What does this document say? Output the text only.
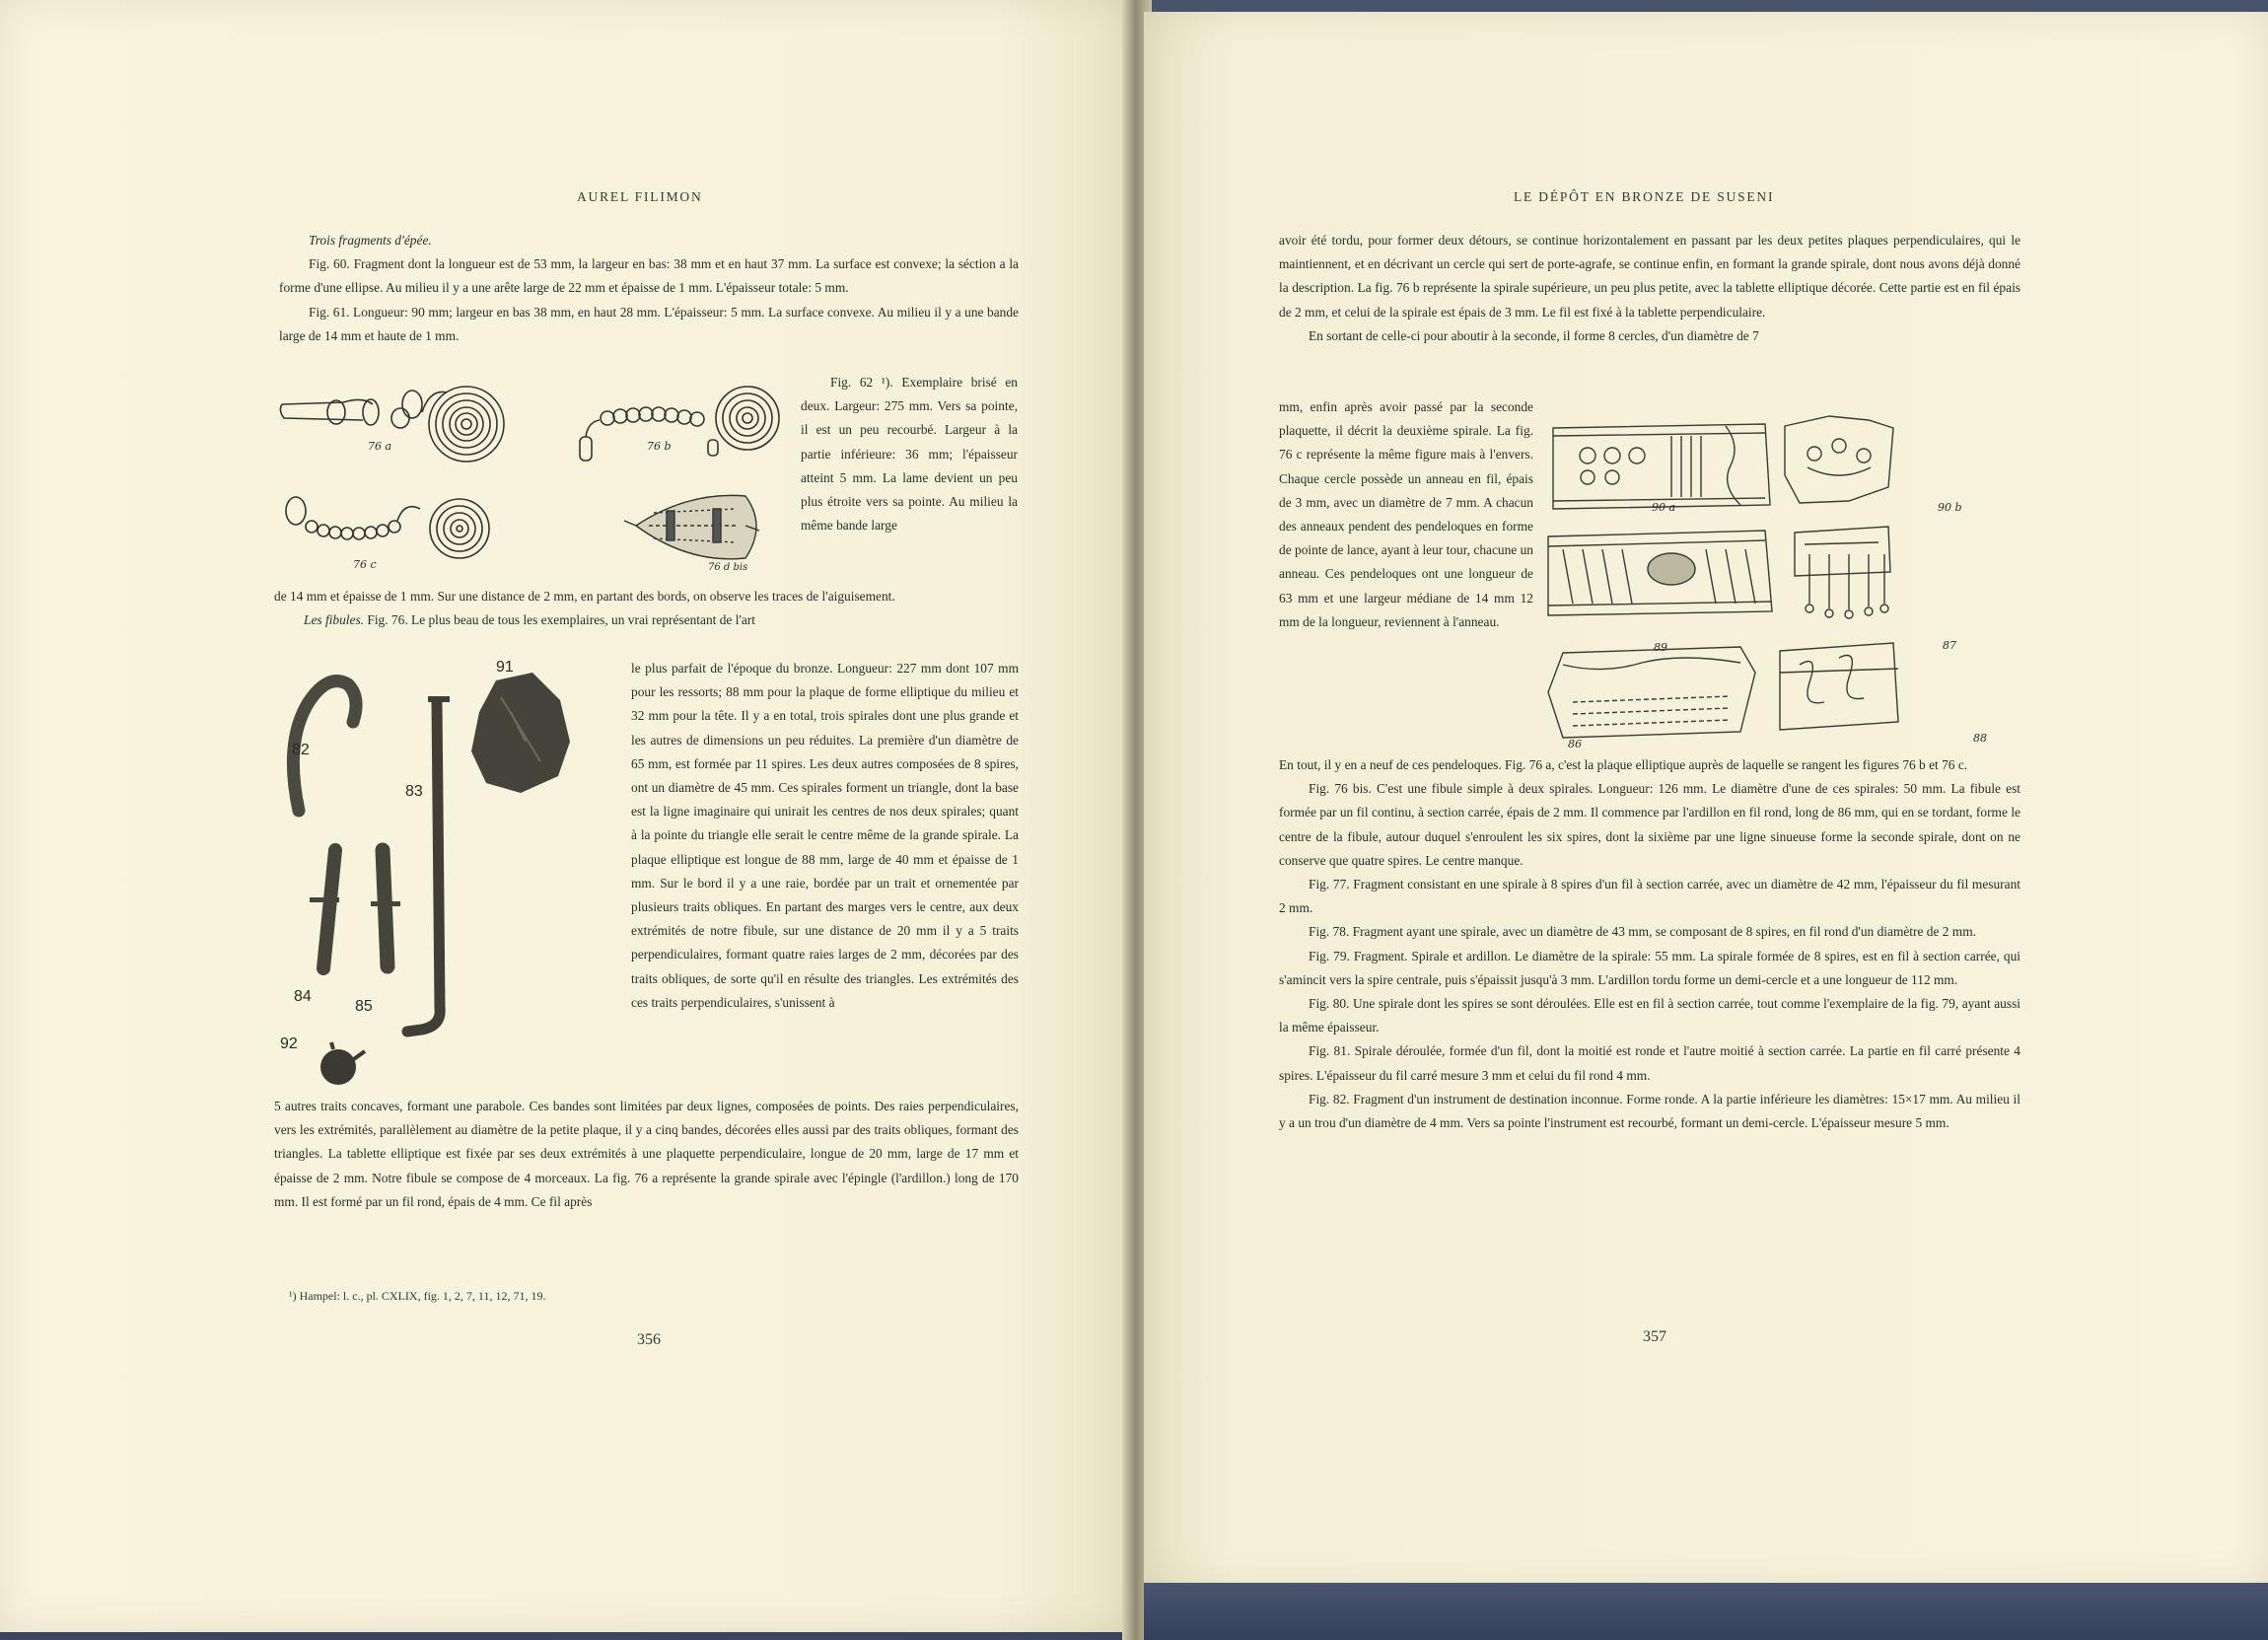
AUREL FILIMON

Trois fragments d'épée.

Fig. 60. Fragment dont la longueur est de 53 mm, la largeur en bas: 38 mm et en haut 37 mm. La surface est convexe; la séction a la forme d'une ellipse. Au milieu il y a une arête large de 22 mm et épaisse de 1 mm. L'épaisseur totale: 5 mm.

Fig. 61. Longueur: 90 mm; largeur en bas 38 mm, en haut 28 mm. L'épaisseur: 5 mm. La surface convexe. Au milieu il y a une bande large de 14 mm et haute de 1 mm.

76 a	76 b
76 c	76 d bis

Fig. 62 ¹). Exemplaire brisé en deux. Largeur: 275 mm. Vers sa pointe, il est un peu recourbé. Largeur à la partie inférieure: 36 mm; l'épaisseur atteint 5 mm. La lame devient un peu plus étroite vers sa pointe. Au milieu la même bande large

de 14 mm et épaisse de 1 mm. Sur une distance de 2 mm, en partant des bords, on observe les traces de l'aiguisement.

Les fibules. Fig. 76. Le plus beau de tous les exemplaires, un vrai représentant de l'art

82
83
84
85
91
92

le plus parfait de l'époque du bronze. Longueur: 227 mm dont 107 mm pour les ressorts; 88 mm pour la plaque de forme elliptique du milieu et 32 mm pour la tête. Il y a en total, trois spirales dont une plus grande et les autres de dimensions un peu réduites. La première d'un diamètre de 65 mm, est formée par 11 spires. Les deux autres composées de 8 spires, ont un diamètre de 45 mm. Ces spirales forment un triangle, dont la base est la ligne imaginaire qui unirait les centres de nos deux spirales; quant à la pointe du triangle elle serait le centre même de la grande spirale. La plaque elliptique est longue de 88 mm, large de 40 mm et épaisse de 1 mm. Sur le bord il y a une raie, bordée par un trait et ornementée par plusieurs traits obliques. En partant des marges vers le centre, aux deux extrémités de notre fibule, sur une distance de 20 mm il y a 5 traits perpendiculaires, formant quatre raies larges de 2 mm, décorées par des traits obliques, de sorte qu'il en résulte des triangles. Les extrémités des ces traits perpendiculaires, s'unissent à

5 autres traits concaves, formant une parabole. Ces bandes sont limitées par deux lignes, composées de points. Des raies perpendiculaires, vers les extrémités, parallèlement au diamètre de la petite plaque, il y a cinq bandes, décorées elles aussi par des traits obliques, formant des triangles. La tablette elliptique est fixée par ses deux extrémités à une plaquette perpendiculaire, longue de 20 mm, large de 17 mm et épaisse de 2 mm. Notre fibule se compose de 4 morceaux. La fig. 76 a représente la grande spirale avec l'épingle (l'ardillon.) long de 170 mm. Il est formé par un fil rond, épais de 4 mm. Ce fil après

¹) Hampel: l. c., pl. CXLIX, fig. 1, 2, 7, 11, 12, 71, 19.
356
LE DÉPÔT EN BRONZE DE SUSENI

avoir été tordu, pour former deux détours, se continue horizontalement en passant par les deux petites plaques perpendiculaires, qui le maintiennent, et en décrivant un cercle qui sert de porte-agrafe, se continue enfin, en formant la grande spirale, dont nous avons déjà donné la description. La fig. 76 b représente la spirale supérieure, un peu plus petite, avec la tablette elliptique décorée. Cette partie est en fil épais de 2 mm, et celui de la spirale est épais de 3 mm. Le fil est fixé à la tablette perpendiculaire.

En sortant de celle-ci pour aboutir à la seconde, il forme 8 cercles, d'un diamètre de 7

mm, enfin après avoir passé par la seconde plaquette, il décrit la deuxième spirale. La fig. 76 c représente la même figure mais à l'envers. Chaque cercle possède un anneau en fil, épais de 3 mm, avec un diamètre de 7 mm. A chacun des anneaux pendent des pendeloques en forme de pointe de lance, ayant à leur tour, chacune un anneau. Ces pendeloques ont une longueur de 63 mm et une largeur médiane de 14 mm 12 mm de la longueur, reviennent à l'anneau.

90 a	90 b
89	87
86	88

En tout, il y en a neuf de ces pendeloques. Fig. 76 a, c'est la plaque elliptique auprès de laquelle se rangent les figures 76 b et 76 c.

Fig. 76 bis. C'est une fibule simple à deux spirales. Longueur: 126 mm. Le diamètre d'une de ces spirales: 50 mm. La fibule est formée par un fil continu, à section carrée, épais de 2 mm. Il commence par l'ardillon en fil rond, long de 86 mm, qui en se tordant, forme le centre de la fibule, autour duquel s'enroulent les six spires, dont la sixième par une ligne sinueuse forme la seconde spirale, dont on ne conserve que quatre spires. Le centre manque.

Fig. 77. Fragment consistant en une spirale à 8 spires d'un fil à section carrée, avec un diamètre de 42 mm, l'épaisseur du fil mesurant 2 mm.

Fig. 78. Fragment ayant une spirale, avec un diamètre de 43 mm, se composant de 8 spires, en fil rond d'un diamètre de 2 mm.

Fig. 79. Fragment. Spirale et ardillon. Le diamètre de la spirale: 55 mm. La spirale formée de 8 spires, est en fil à section carrée, qui s'amincit vers la spire centrale, puis s'épaissit jusqu'à 3 mm. L'ardillon tordu forme un demi-cercle et a une longueur de 112 mm.

Fig. 80. Une spirale dont les spires se sont déroulées. Elle est en fil à section carrée, tout comme l'exemplaire de la fig. 79, ayant aussi la même épaisseur.

Fig. 81. Spirale déroulée, formée d'un fil, dont la moitié est ronde et l'autre moitié à section carrée. La partie en fil carré présente 4 spires. L'épaisseur du fil carré mesure 3 mm et celui du fil rond 4 mm.

Fig. 82. Fragment d'un instrument de destination inconnue. Forme ronde. A la partie inférieure les diamètres: 15×17 mm. Au milieu il y a un trou d'un diamètre de 4 mm. Vers sa pointe l'instrument est recourbé, formant un demi-cercle. L'épaisseur mesure 5 mm.

357
